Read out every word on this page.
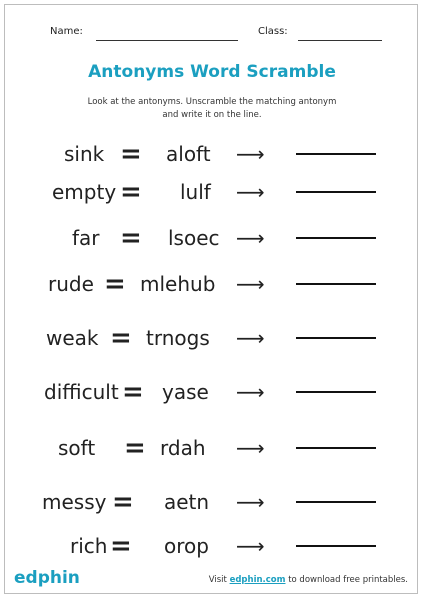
Name:	Class:
Antonyms Word Scramble
Look at the antonyms. Unscramble the matching antonym
and write it on the line.
sink = aloft ⟶
empty = lulf ⟶
far = lsoec ⟶
rude = mlehub ⟶
weak = trnogs ⟶
difficult = yase ⟶
soft = rdah ⟶
messy = aetn ⟶
rich = orop ⟶
edphin	Visit edphin.com to download free printables.
